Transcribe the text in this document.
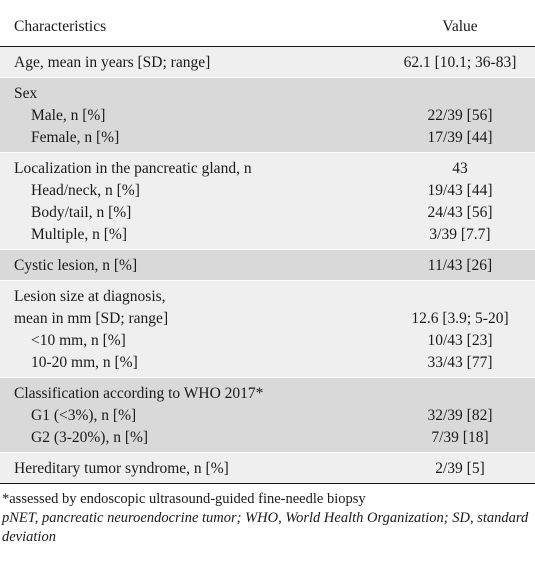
Characteristics	Value
Age, mean in years [SD; range]	62.1 [10.1; 36-83]
Sex	
Male, n [%]	22/39 [56]
Female, n [%]	17/39 [44]
Localization in the pancreatic gland, n	43
Head/neck, n [%]	19/43 [44]
Body/tail, n [%]	24/43 [56]
Multiple, n [%]	3/39 [7.7]
Cystic lesion, n [%]	11/43 [26]
Lesion size at diagnosis,	
mean in mm [SD; range]	12.6 [3.9; 5-20]
<10 mm, n [%]	10/43 [23]
10-20 mm, n [%]	33/43 [77]
Classification according to WHO 2017*	
G1 (<3%), n [%]	32/39 [82]
G2 (3-20%), n [%]	7/39 [18]
Hereditary tumor syndrome, n [%]	2/39 [5]
*assessed by endoscopic ultrasound-guided fine-needle biopsy
pNET, pancreatic neuroendocrine tumor; WHO, World Health Organization; SD, standard deviation
